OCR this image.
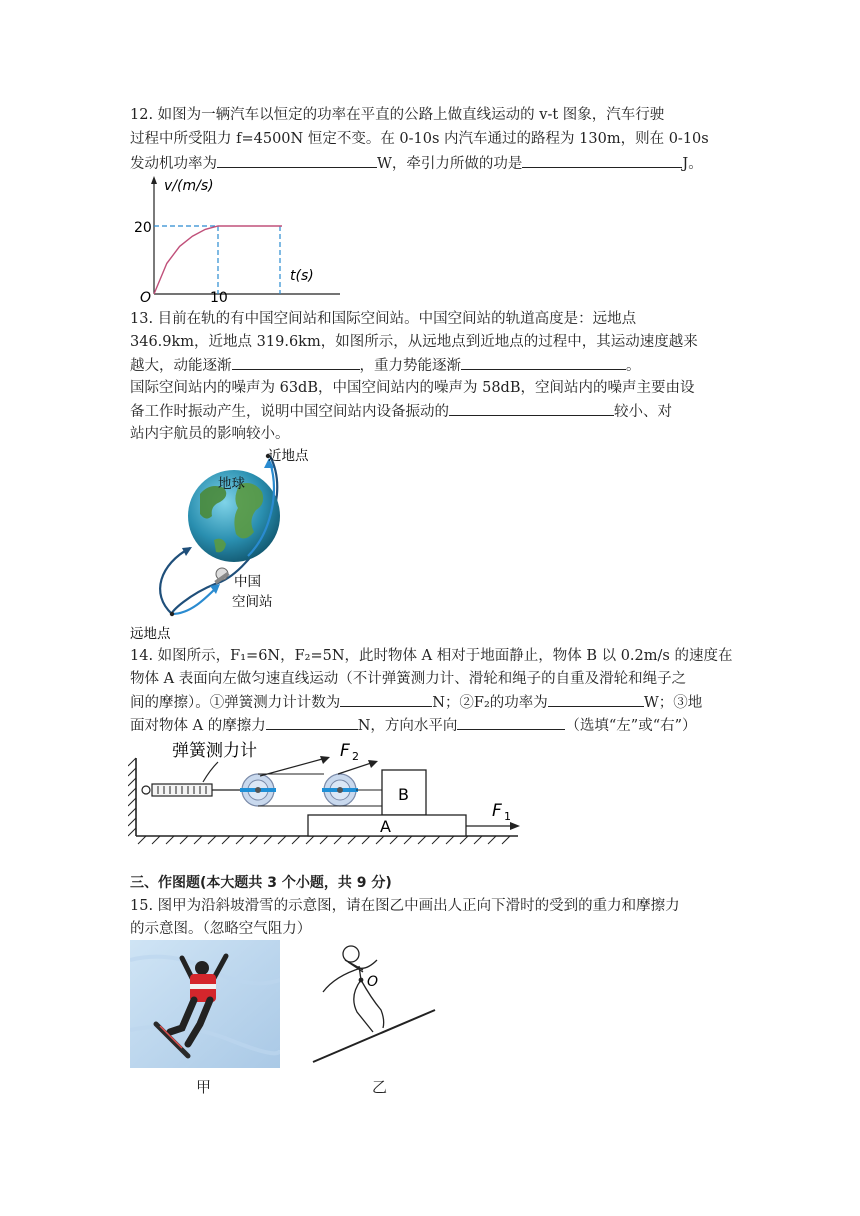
12. 如图为一辆汽车以恒定的功率在平直的公路上做直线运动的 v-t 图象，汽车行驶
过程中所受阻力 f=4500N 恒定不变。在 0-10s 内汽车通过的路程为 130m，则在 0-10s
发动机功率为	W，牵引力所做的功是	J。
v/(m/s)
t(s)
20
O	10
13. 目前在轨的有中国空间站和国际空间站。中国空间站的轨道高度是：远地点
346.9km，近地点 319.6km，如图所示，从远地点到近地点的过程中，其运动速度越来
越大，动能逐渐	，重力势能逐渐	。
国际空间站内的噪声为 63dB，中国空间站内的噪声为 58dB，空间站内的噪声主要由设
备工作时振动产生，说明中国空间站内设备振动的	较小、对
站内宇航员的影响较小。
近地点
地球
中国
空间站
远地点
14. 如图所示，F₁=6N，F₂=5N，此时物体 A 相对于地面静止，物体 B 以 0.2m/s 的速度在
物体 A 表面向左做匀速直线运动（不计弹簧测力计、滑轮和绳子的自重及滑轮和绳子之
间的摩擦）。①弹簧测力计计数为	N；②F₂的功率为	W；③地
面对物体 A 的摩擦力	N，方向水平向	（选填“左”或“右”）
弹簧测力计	F 2
B
A
F 1
三、作图题(本大题共 3 个小题，共 9 分)
15. 图甲为沿斜坡滑雪的示意图，请在图乙中画出人正向下滑时的受到的重力和摩擦力
的示意图。（忽略空气阻力）
O
甲	乙
